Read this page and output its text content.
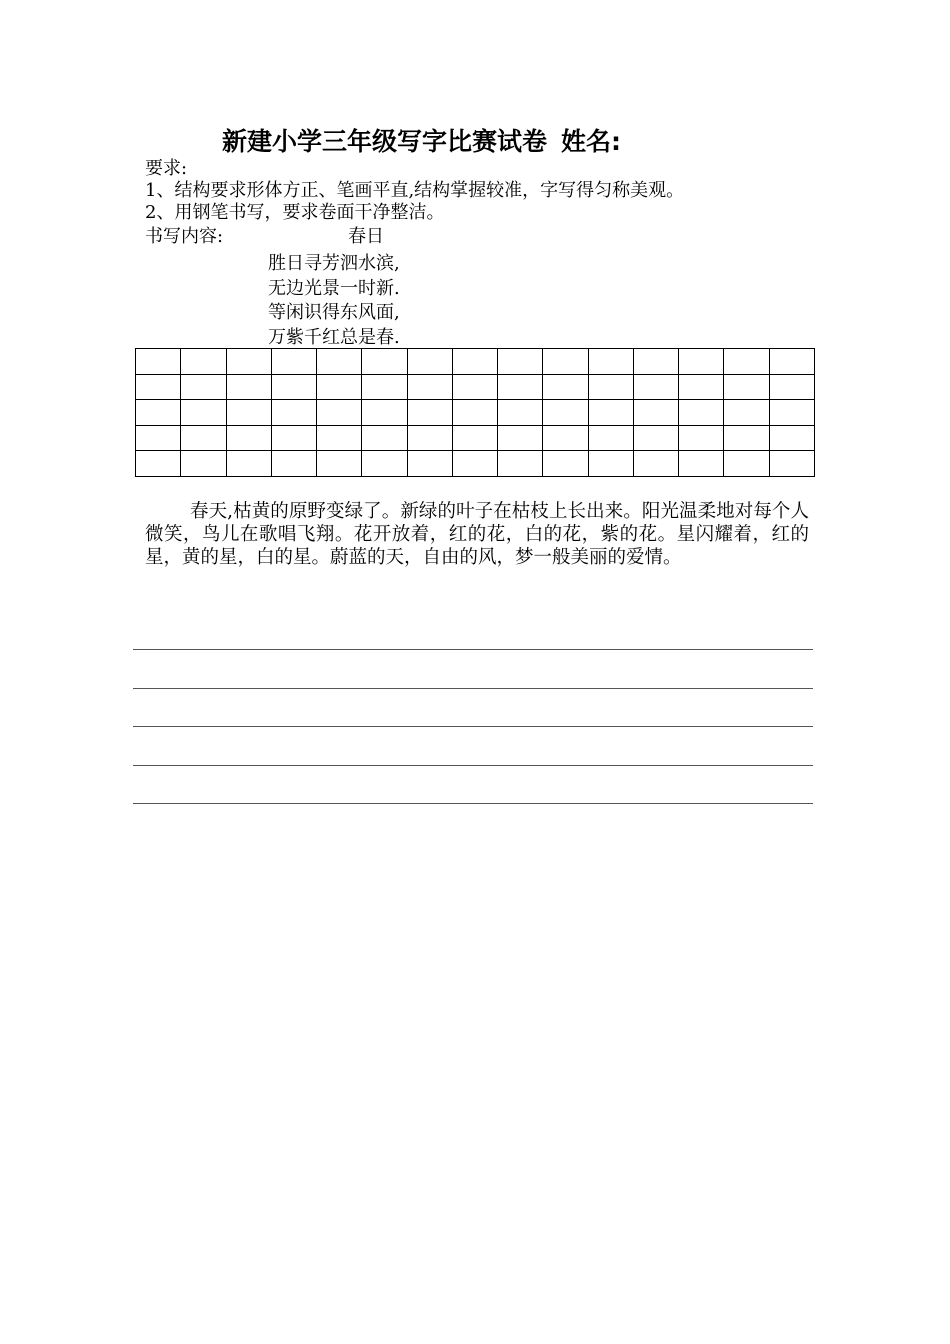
新建小学三年级写字比赛试卷 姓名:
要求:
1、结构要求形体方正、笔画平直,结构掌握较准，字写得匀称美观。
2、用钢笔书写，要求卷面干净整洁。
书写内容:	春日
胜日寻芳泗水滨,
无边光景一时新.
等闲识得东风面,
万紫千红总是春.

春天,枯黄的原野变绿了。新绿的叶子在枯枝上长出来。阳光温柔地对每个人微笑，鸟儿在歌唱飞翔。花开放着，红的花，白的花，紫的花。星闪耀着，红的星，黄的星，白的星。蔚蓝的天，自由的风，梦一般美丽的爱情。
